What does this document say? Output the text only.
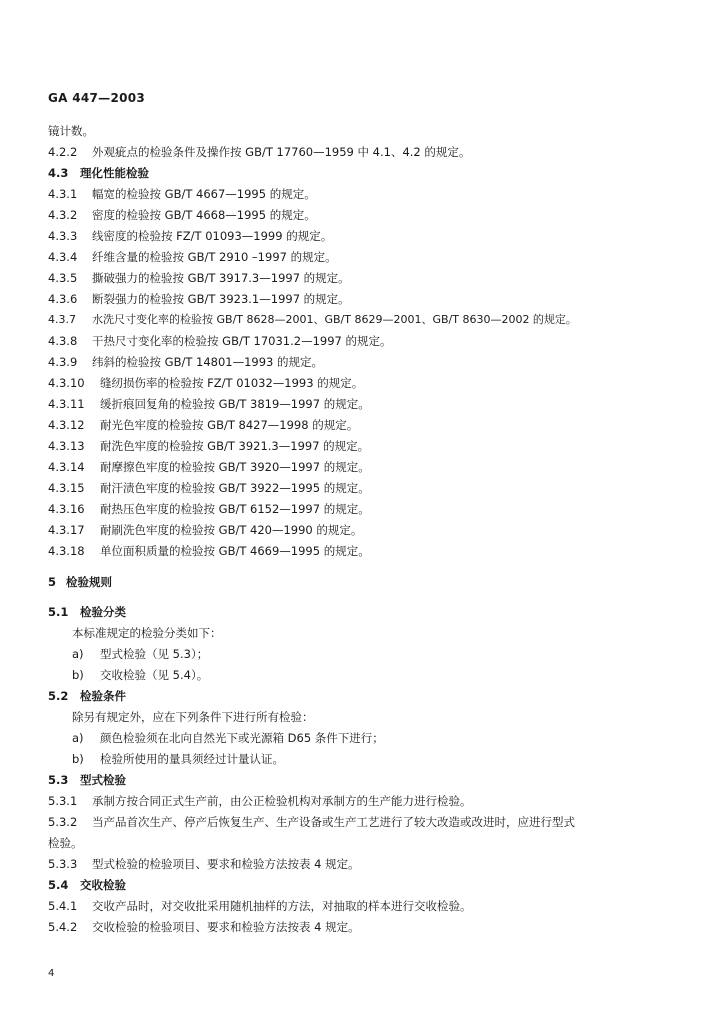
GA 447—2003
镜计数。
4.2.2 外观疵点的检验条件及操作按 GB/T 17760—1959 中 4.1、4.2 的规定。
4.3 理化性能检验
4.3.1 幅宽的检验按 GB/T 4667—1995 的规定。
4.3.2 密度的检验按 GB/T 4668—1995 的规定。
4.3.3 线密度的检验按 FZ/T 01093—1999 的规定。
4.3.4 纤维含量的检验按 GB/T 2910 –1997 的规定。
4.3.5 撕破强力的检验按 GB/T 3917.3—1997 的规定。
4.3.6 断裂强力的检验按 GB/T 3923.1—1997 的规定。
4.3.7 水洗尺寸变化率的检验按 GB/T 8628—2001、GB/T 8629—2001、GB/T 8630—2002 的规定。
4.3.8 干热尺寸变化率的检验按 GB/T 17031.2—1997 的规定。
4.3.9 纬斜的检验按 GB/T 14801—1993 的规定。
4.3.10 缝纫损伤率的检验按 FZ/T 01032—1993 的规定。
4.3.11 缓折痕回复角的检验按 GB/T 3819—1997 的规定。
4.3.12 耐光色牢度的检验按 GB/T 8427—1998 的规定。
4.3.13 耐洗色牢度的检验按 GB/T 3921.3—1997 的规定。
4.3.14 耐摩擦色牢度的检验按 GB/T 3920—1997 的规定。
4.3.15 耐汗渍色牢度的检验按 GB/T 3922—1995 的规定。
4.3.16 耐热压色牢度的检验按 GB/T 6152—1997 的规定。
4.3.17 耐刷洗色牢度的检验按 GB/T 420—1990 的规定。
4.3.18 单位面积质量的检验按 GB/T 4669—1995 的规定。
5 检验规则
5.1 检验分类
本标准规定的检验分类如下：
a) 型式检验（见 5.3）；
b) 交收检验（见 5.4）。
5.2 检验条件
除另有规定外，应在下列条件下进行所有检验：
a) 颜色检验须在北向自然光下或光源箱 D65 条件下进行；
b) 检验所使用的量具须经过计量认证。
5.3 型式检验
5.3.1 承制方按合同正式生产前，由公正检验机构对承制方的生产能力进行检验。
5.3.2 当产品首次生产、停产后恢复生产、生产设备或生产工艺进行了较大改造或改进时，应进行型式
检验。
5.3.3 型式检验的检验项目、要求和检验方法按表 4 规定。
5.4 交收检验
5.4.1 交收产品时，对交收批采用随机抽样的方法，对抽取的样本进行交收检验。
5.4.2 交收检验的检验项目、要求和检验方法按表 4 规定。
4
